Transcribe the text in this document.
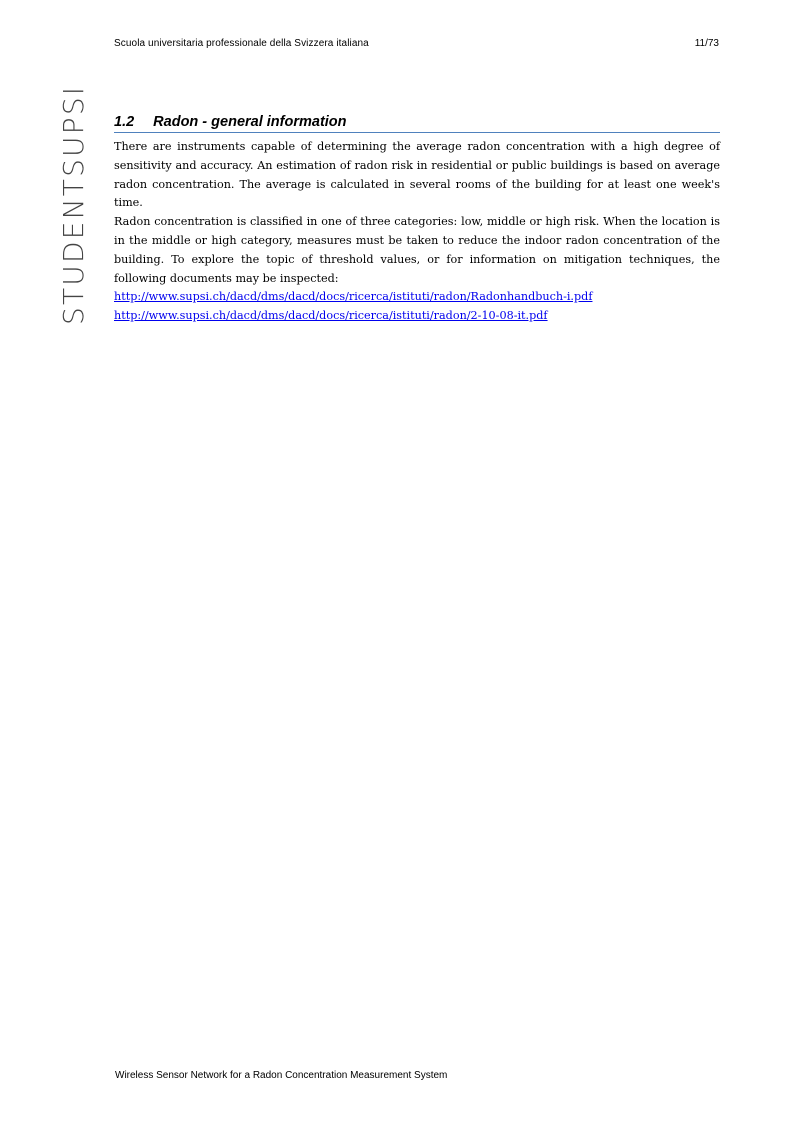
Scuola universitaria professionale della Svizzera italiana	11/73
STUDENTSUPSI 1.2 Radon - general information

There are instruments capable of determining the average radon concentration with a high degree of sensitivity and accuracy. An estimation of radon risk in residential or public buildings is based on average radon concentration. The average is calculated in several rooms of the building for at least one week's time.

Radon concentration is classified in one of three categories: low, middle or high risk. When the location is in the middle or high category, measures must be taken to reduce the indoor radon concentration of the building. To explore the topic of threshold values, or for information on mitigation techniques, the following documents may be inspected:

http://www.supsi.ch/dacd/dms/dacd/docs/ricerca/istituti/radon/Radonhandbuch-i.pdf
http://www.supsi.ch/dacd/dms/dacd/docs/ricerca/istituti/radon/2-10-08-it.pdf
Wireless Sensor Network for a Radon Concentration Measurement System
